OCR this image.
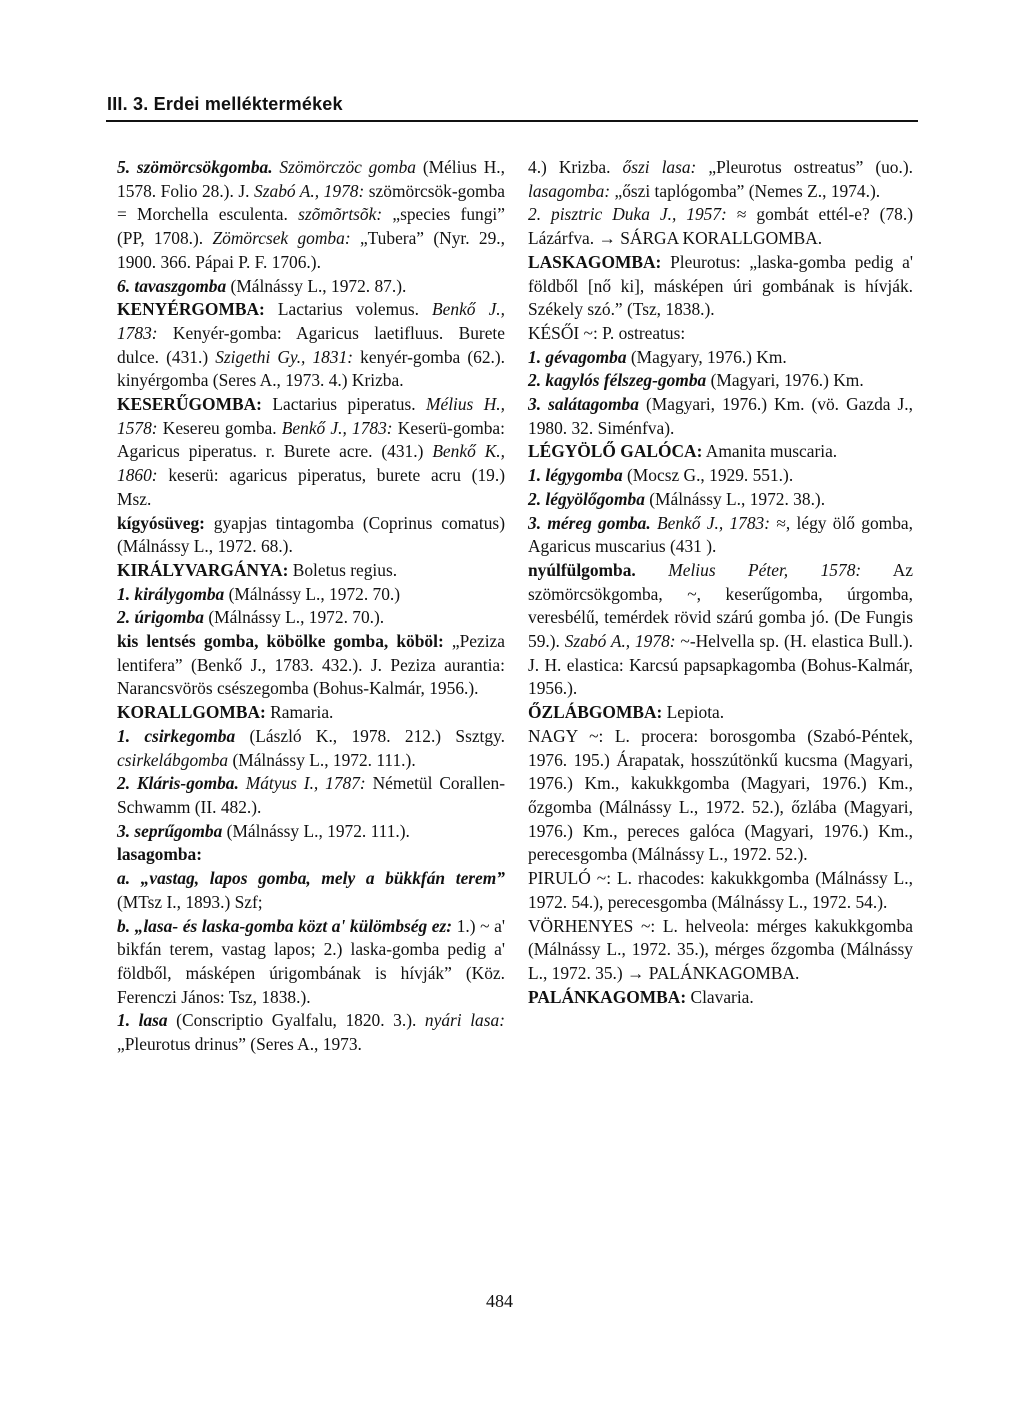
III. 3. Erdei melléktermékek

5. szömörcsökgomba. Szömörczöc gomba (Mélius H., 1578. Folio 28.). J. Szabó A., 1978: szömörcsök-gomba = Morchella esculenta. szõmõrtsõk: „species fungi” (PP, 1708.). Zömörcsek gomba: „Tubera” (Nyr. 29., 1900. 366. Pápai P. F. 1706.).

6. tavaszgomba (Málnássy L., 1972. 87.).

KENYÉRGOMBA: Lactarius volemus. Benkő J., 1783: Kenyér-gomba: Agaricus laetifluus. Burete dulce. (431.) Szigethi Gy., 1831: kenyér-gomba (62.). kinyérgomba (Seres A., 1973. 4.) Krizba.

KESERŰGOMBA: Lactarius piperatus. Mélius H., 1578: Kesereu gomba. Benkő J., 1783: Keserü-gomba: Agaricus piperatus. r. Burete acre. (431.) Benkő K., 1860: keserü: agaricus piperatus, burete acru (19.) Msz.

kígyósüveg: gyapjas tintagomba (Coprinus comatus) (Málnássy L., 1972. 68.).

KIRÁLYVARGÁNYA: Boletus regius.

1. királygomba (Málnássy L., 1972. 70.)

2. úrigomba (Málnássy L., 1972. 70.).

kis lentsés gomba, köbölke gomba, köböl: „Peziza lentifera” (Benkő J., 1783. 432.). J. Peziza aurantia: Narancsvörös csészegomba (Bohus-Kalmár, 1956.).

KORALLGOMBA: Ramaria.

1. csirkegomba (László K., 1978. 212.) Ssztgy. csirkelábgomba (Málnássy L., 1972. 111.).

2. Kláris-gomba. Mátyus I., 1787: Németül Corallen-Schwamm (II. 482.).

3. seprűgomba (Málnássy L., 1972. 111.).

lasagomba:

a. „vastag, lapos gomba, mely a bükkfán terem” (MTsz I., 1893.) Szf;

b. „lasa- és laska-gomba közt a' külömbség ez: 1.) ~ a' bikfán terem, vastag lapos; 2.) laska-gomba pedig a' földből, másképen úrigombának is hívják” (Köz. Ferenczi János: Tsz, 1838.).

1. lasa (Conscriptio Gyalfalu, 1820. 3.). nyári lasa: „Pleurotus drinus” (Seres A., 1973.

4.) Krizba. őszi lasa: „Pleurotus ostreatus” (uo.). lasagomba: „őszi taplógomba” (Nemes Z., 1974.).

2. pisztric Duka J., 1957: ≈ gombát ettél-e? (78.) Lázárfva. → SÁRGA KORALLGOMBA.

LASKAGOMBA: Pleurotus: „laska-gomba pedig a' földből [nő ki], másképen úri gombának is hívják. Székely szó.” (Tsz, 1838.).

KÉSŐI ~: P. ostreatus:

1. gévagomba (Magyary, 1976.) Km.

2. kagylós félszeg-gomba (Magyari, 1976.) Km.

3. salátagomba (Magyari, 1976.) Km. (vö. Gazda J., 1980. 32. Siménfva).

LÉGYÖLŐ GALÓCA: Amanita muscaria.

1. légygomba (Mocsz G., 1929. 551.).

2. légyölőgomba (Málnássy L., 1972. 38.).

3. méreg gomba. Benkő J., 1783: ≈, légy ölő gomba, Agaricus muscarius (431 ).

nyúlfülgomba. Melius Péter, 1578: Az szömörcsökgomba, ~, keserűgomba, úrgomba, veresbélű, temérdek rövid szárú gomba jó. (De Fungis 59.). Szabó A., 1978: ~-Helvella sp. (H. elastica Bull.). J. H. elastica: Karcsú papsapkagomba (Bohus-Kalmár, 1956.).

ŐZLÁBGOMBA: Lepiota.

NAGY ~: L. procera: borosgomba (Szabó-Péntek, 1976. 195.) Árapatak, hosszútönkű kucsma (Magyari, 1976.) Km., kakukkgomba (Magyari, 1976.) Km., őzgomba (Málnássy L., 1972. 52.), őzlába (Magyari, 1976.) Km., pereces galóca (Magyari, 1976.) Km., perecesgomba (Málnássy L., 1972. 52.).

PIRULÓ ~: L. rhacodes: kakukkgomba (Málnássy L., 1972. 54.), perecesgomba (Málnássy L., 1972. 54.).

VÖRHENYES ~: L. helveola: mérges kakukkgomba (Málnássy L., 1972. 35.), mérges őzgomba (Málnássy L., 1972. 35.) → PALÁNKAGOMBA.

PALÁNKAGOMBA: Clavaria.

484
